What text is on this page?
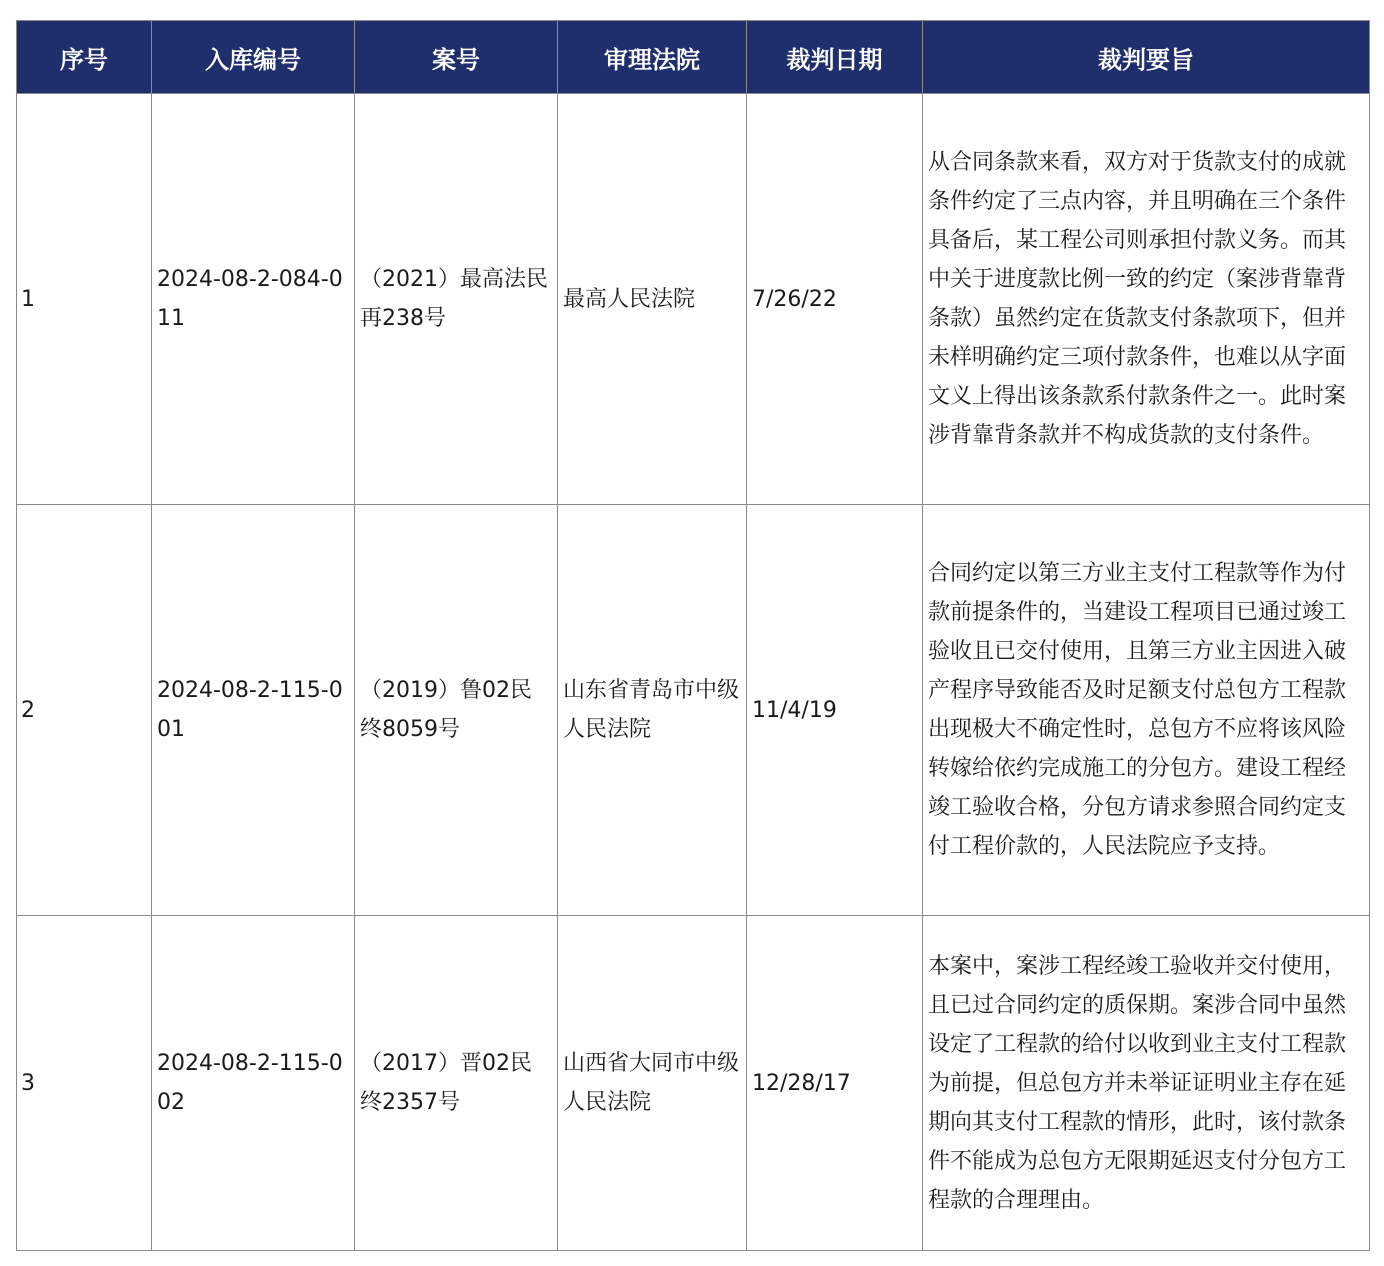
序号	入库编号	案号	审理法院	裁判日期	裁判要旨
1	2024-08-2-084-011	（2021）最高法民再238号	最高人民法院	7/26/22	从合同条款来看，双方对于货款支付的成就条件约定了三点内容，并且明确在三个条件具备后，某工程公司则承担付款义务。而其中关于进度款比例一致的约定（案涉背靠背条款）虽然约定在货款支付条款项下，但并未样明确约定三项付款条件，也难以从字面文义上得出该条款系付款条件之一。此时案涉背靠背条款并不构成货款的支付条件。
2	2024-08-2-115-001	（2019）鲁02民终8059号	山东省青岛市中级人民法院	11/4/19	合同约定以第三方业主支付工程款等作为付款前提条件的，当建设工程项目已通过竣工验收且已交付使用，且第三方业主因进入破产程序导致能否及时足额支付总包方工程款出现极大不确定性时，总包方不应将该风险转嫁给依约完成施工的分包方。建设工程经竣工验收合格，分包方请求参照合同约定支付工程价款的，人民法院应予支持。
3	2024-08-2-115-002	（2017）晋02民终2357号	山西省大同市中级人民法院	12/28/17	本案中，案涉工程经竣工验收并交付使用，且已过合同约定的质保期。案涉合同中虽然设定了工程款的给付以收到业主支付工程款为前提，但总包方并未举证证明业主存在延期向其支付工程款的情形，此时，该付款条件不能成为总包方无限期延迟支付分包方工程款的合理理由。
